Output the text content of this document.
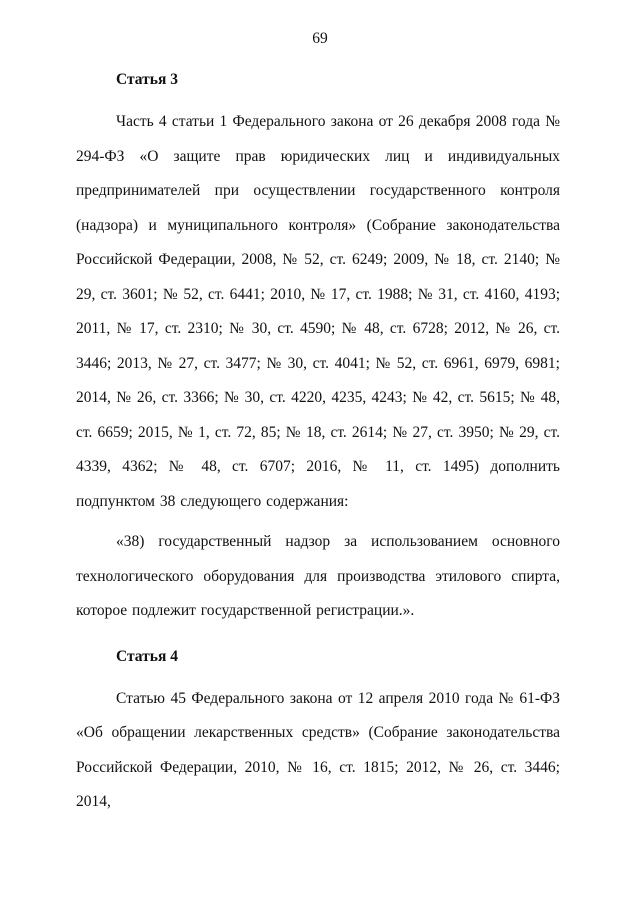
69
Статья 3

Часть 4 статьи 1 Федерального закона от 26 декабря 2008 года № 294-ФЗ «О защите прав юридических лиц и индивидуальных предпринимателей при осуществлении государственного контроля (надзора) и муниципального контроля» (Собрание законодательства Российской Федерации, 2008, № 52, ст. 6249; 2009, № 18, ст. 2140; № 29, ст. 3601; № 52, ст. 6441; 2010, № 17, ст. 1988; № 31, ст. 4160, 4193; 2011, № 17, ст. 2310; № 30, ст. 4590; № 48, ст. 6728; 2012, № 26, ст. 3446; 2013, № 27, ст. 3477; № 30, ст. 4041; № 52, ст. 6961, 6979, 6981; 2014, № 26, ст. 3366; № 30, ст. 4220, 4235, 4243; № 42, ст. 5615; № 48, ст. 6659; 2015, № 1, ст. 72, 85; № 18, ст. 2614; № 27, ст. 3950; № 29, ст. 4339, 4362; № 48, ст. 6707; 2016, № 11, ст. 1495) дополнить подпунктом 38 следующего содержания:

«38) государственный надзор за использованием основного технологического оборудования для производства этилового спирта, которое подлежит государственной регистрации.».

Статья 4

Статью 45 Федерального закона от 12 апреля 2010 года № 61-ФЗ «Об обращении лекарственных средств» (Собрание законодательства Российской Федерации, 2010, № 16, ст. 1815; 2012, № 26, ст. 3446; 2014,
